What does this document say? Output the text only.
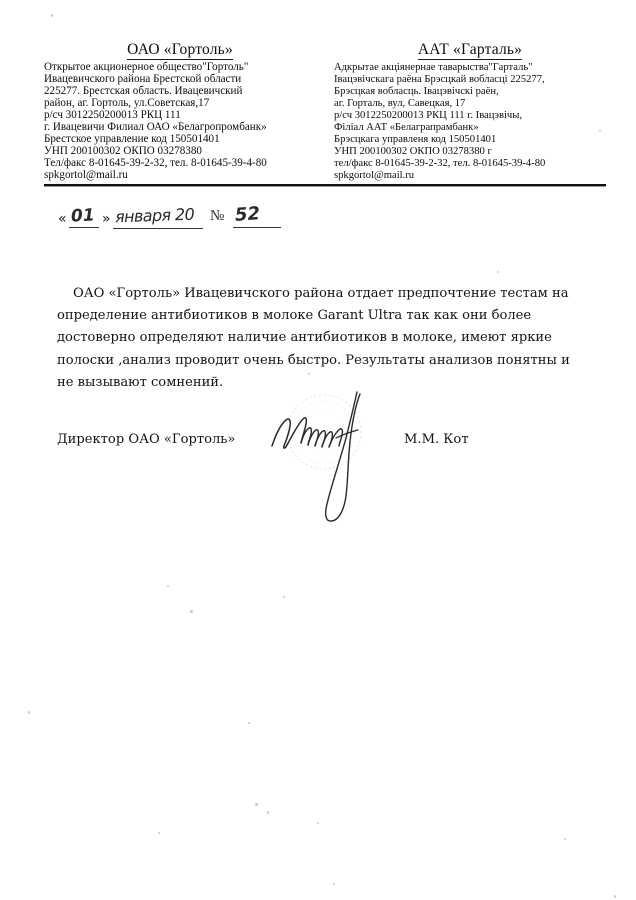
ОАО «Гортоль»
Открытое акционерное общество"Гортоль"
Ивацевичского района Брестской области
225277. Брестская область. Ивацевичский
район, аг. Гортоль, ул.Советская,17
р/сч 3012250200013 РКЦ 111
г. Ивацевичи Филиал ОАО «Белагропромбанк»
Брестское управление код 150501401
УНП 200100302 ОКПО 03278380
Тел/факс 8-01645-39-2-32, тел. 8-01645-39-4-80
spkgortol@mail.ru
ААТ «Гарталь»
Адкрытае акціянернае таварыства"Гарталь"
Івацэвічскага раёна Брэсцкай вобласці 225277,
Брэсцкая вобласць. Івацэвічскі раён,
аг. Горталь, вул, Савецкая, 17
р/сч 3012250200013 РКЦ 111 г. Івацэвічы,
Філіал ААТ «Белаграпрамбанк»
Брэсцкага управленя код 150501401
УНП 200100302 ОКПО 03278380 г
тел/факс 8-01645-39-2-32, тел. 8-01645-39-4-80
spkgortol@mail.ru
« 01 » января 20 № 52
ОАО «Гортоль» Ивацевичского района отдает предпочтение тестам на определение антибиотиков в молоке Garant Ultra так как они более достоверно определяют наличие антибиотиков в молоке, имеют яркие полоски ,анализ проводит очень быстро. Результаты анализов понятны и не вызывают сомнений.
Директор ОАО «Гортоль»	М.М. Кот
